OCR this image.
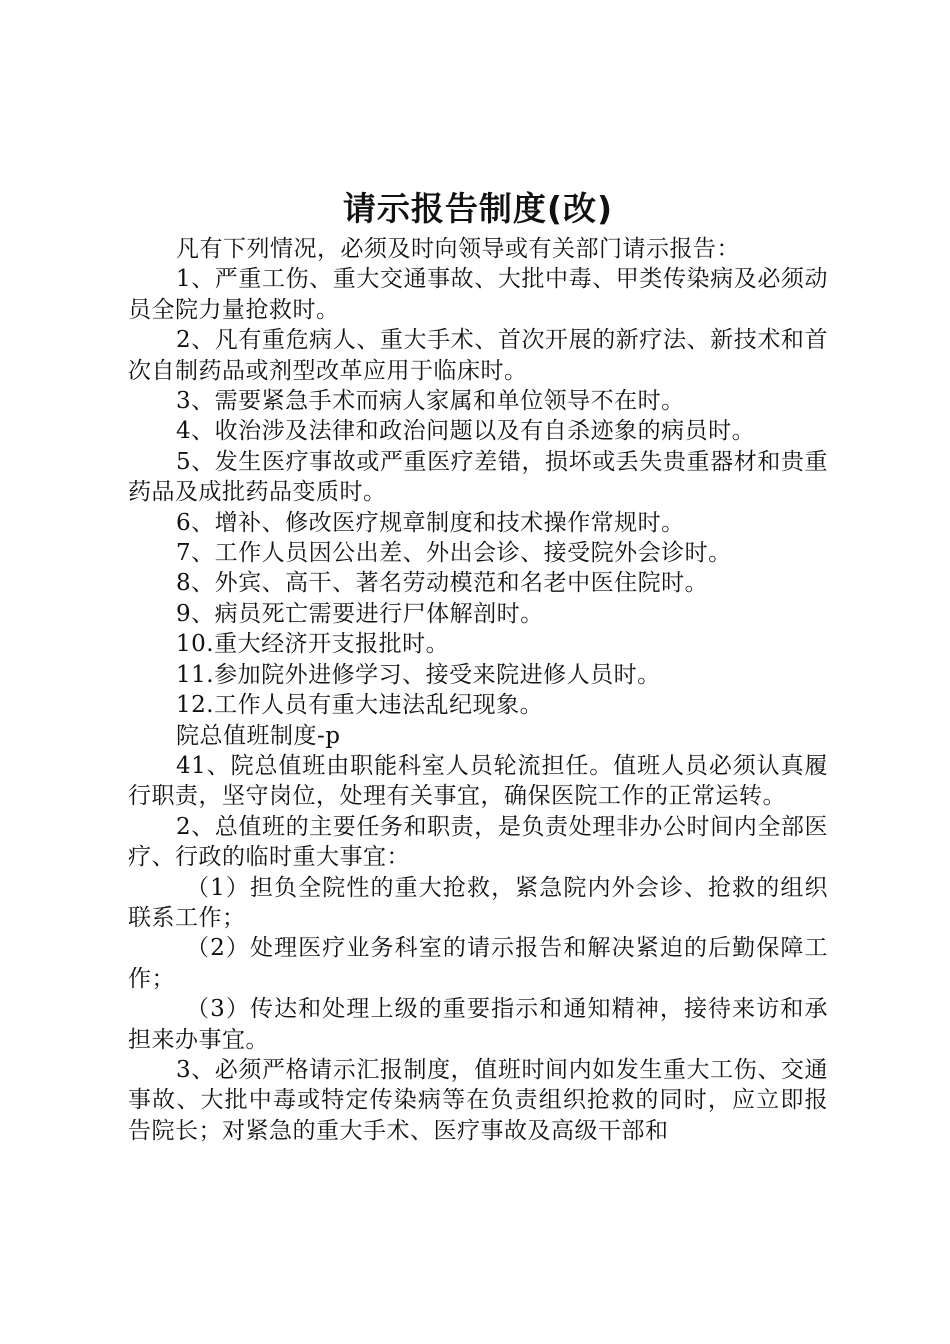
请示报告制度(改)

凡有下列情况，必须及时向领导或有关部门请示报告：

1、严重工伤、重大交通事故、大批中毒、甲类传染病及必须动员全院力量抢救时。

2、凡有重危病人、重大手术、首次开展的新疗法、新技术和首次自制药品或剂型改革应用于临床时。

3、需要紧急手术而病人家属和单位领导不在时。

4、收治涉及法律和政治问题以及有自杀迹象的病员时。

5、发生医疗事故或严重医疗差错，损坏或丢失贵重器材和贵重药品及成批药品变质时。

6、增补、修改医疗规章制度和技术操作常规时。

7、工作人员因公出差、外出会诊、接受院外会诊时。

8、外宾、高干、著名劳动模范和名老中医住院时。

9、病员死亡需要进行尸体解剖时。

10.重大经济开支报批时。

11.参加院外进修学习、接受来院进修人员时。

12.工作人员有重大违法乱纪现象。

院总值班制度-p

41、院总值班由职能科室人员轮流担任。值班人员必须认真履行职责，坚守岗位，处理有关事宜，确保医院工作的正常运转。

2、总值班的主要任务和职责，是负责处理非办公时间内全部医疗、行政的临时重大事宜：

（1）担负全院性的重大抢救，紧急院内外会诊、抢救的组织联系工作；

（2）处理医疗业务科室的请示报告和解决紧迫的后勤保障工作；

（3）传达和处理上级的重要指示和通知精神，接待来访和承担来办事宜。

3、必须严格请示汇报制度，值班时间内如发生重大工伤、交通事故、大批中毒或特定传染病等在负责组织抢救的同时，应立即报告院长；对紧急的重大手术、医疗事故及高级干部和
